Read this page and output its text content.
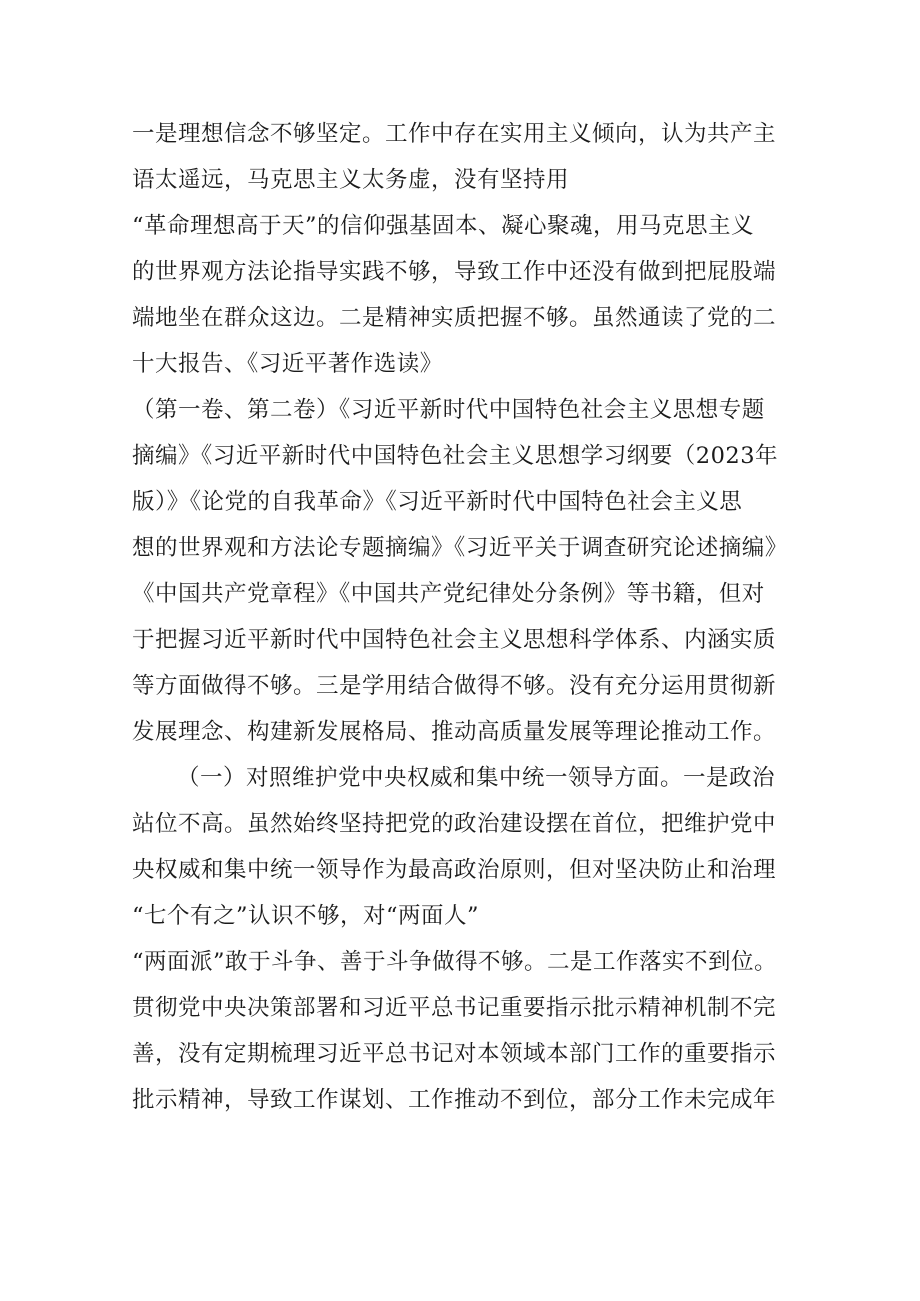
一是理想信念不够坚定。工作中存在实用主义倾向，认为共产主
语太遥远，马克思主义太务虚，没有坚持用
“革命理想高于天”的信仰强基固本、凝心聚魂，用马克思主义
的世界观方法论指导实践不够，导致工作中还没有做到把屁股端
端地坐在群众这边。二是精神实质把握不够。虽然通读了党的二
十大报告、《习近平著作选读》
（第一卷、第二卷）《习近平新时代中国特色社会主义思想专题
摘编》《习近平新时代中国特色社会主义思想学习纲要（2023年
版）》《论党的自我革命》《习近平新时代中国特色社会主义思
想的世界观和方法论专题摘编》《习近平关于调查研究论述摘编》
《中国共产党章程》《中国共产党纪律处分条例》等书籍，但对
于把握习近平新时代中国特色社会主义思想科学体系、内涵实质
等方面做得不够。三是学用结合做得不够。没有充分运用贯彻新
发展理念、构建新发展格局、推动高质量发展等理论推动工作。
（一）对照维护党中央权威和集中统一领导方面。一是政治
站位不高。虽然始终坚持把党的政治建设摆在首位，把维护党中
央权威和集中统一领导作为最高政治原则，但对坚决防止和治理
“七个有之”认识不够，对“两面人”
“两面派”敢于斗争、善于斗争做得不够。二是工作落实不到位。
贯彻党中央决策部署和习近平总书记重要指示批示精神机制不完
善，没有定期梳理习近平总书记对本领域本部门工作的重要指示
批示精神，导致工作谋划、工作推动不到位，部分工作未完成年
